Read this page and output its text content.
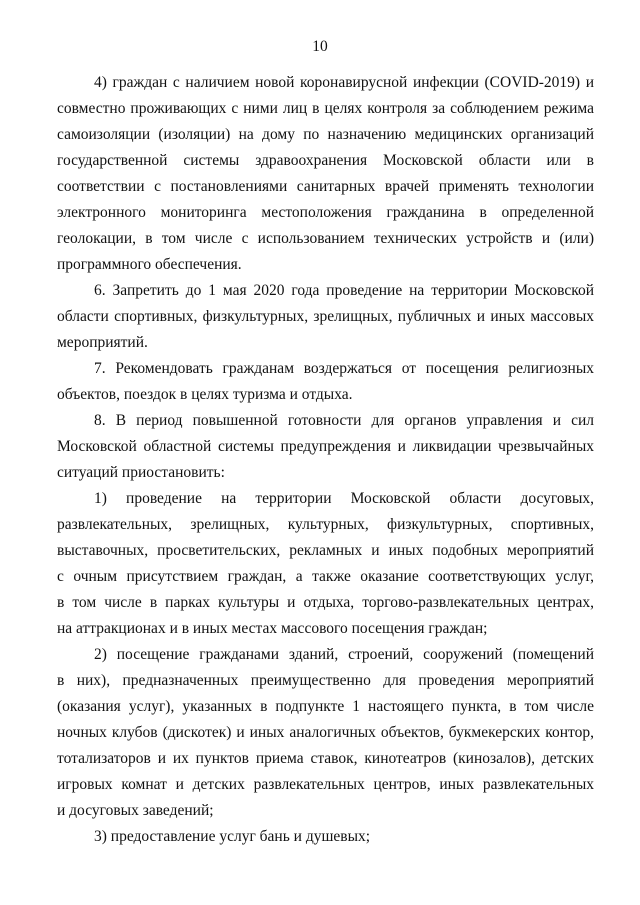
10
4) граждан с наличием новой коронавирусной инфекции (COVID-2019) и
совместно проживающих с ними лиц в целях контроля за соблюдением режима
самоизоляции (изоляции) на дому по назначению медицинских организаций
государственной системы здравоохранения Московской области или в
соответствии с постановлениями санитарных врачей применять технологии
электронного мониторинга местоположения гражданина в определенной
геолокации, в том числе с использованием технических устройств и (или)
программного обеспечения.
6. Запретить до 1 мая 2020 года проведение на территории Московской
области спортивных, физкультурных, зрелищных, публичных и иных массовых
мероприятий.
7. Рекомендовать гражданам воздержаться от посещения религиозных
объектов, поездок в целях туризма и отдыха.
8. В период повышенной готовности для органов управления и сил
Московской областной системы предупреждения и ликвидации чрезвычайных
ситуаций приостановить:
1) проведение на территории Московской области досуговых,
развлекательных, зрелищных, культурных, физкультурных, спортивных,
выставочных, просветительских, рекламных и иных подобных мероприятий
с очным присутствием граждан, а также оказание соответствующих услуг,
в том числе в парках культуры и отдыха, торгово-развлекательных центрах,
на аттракционах и в иных местах массового посещения граждан;
2) посещение гражданами зданий, строений, сооружений (помещений
в них), предназначенных преимущественно для проведения мероприятий
(оказания услуг), указанных в подпункте 1 настоящего пункта, в том числе
ночных клубов (дискотек) и иных аналогичных объектов, букмекерских контор,
тотализаторов и их пунктов приема ставок, кинотеатров (кинозалов), детских
игровых комнат и детских развлекательных центров, иных развлекательных
и досуговых заведений;
3) предоставление услуг бань и душевых;
